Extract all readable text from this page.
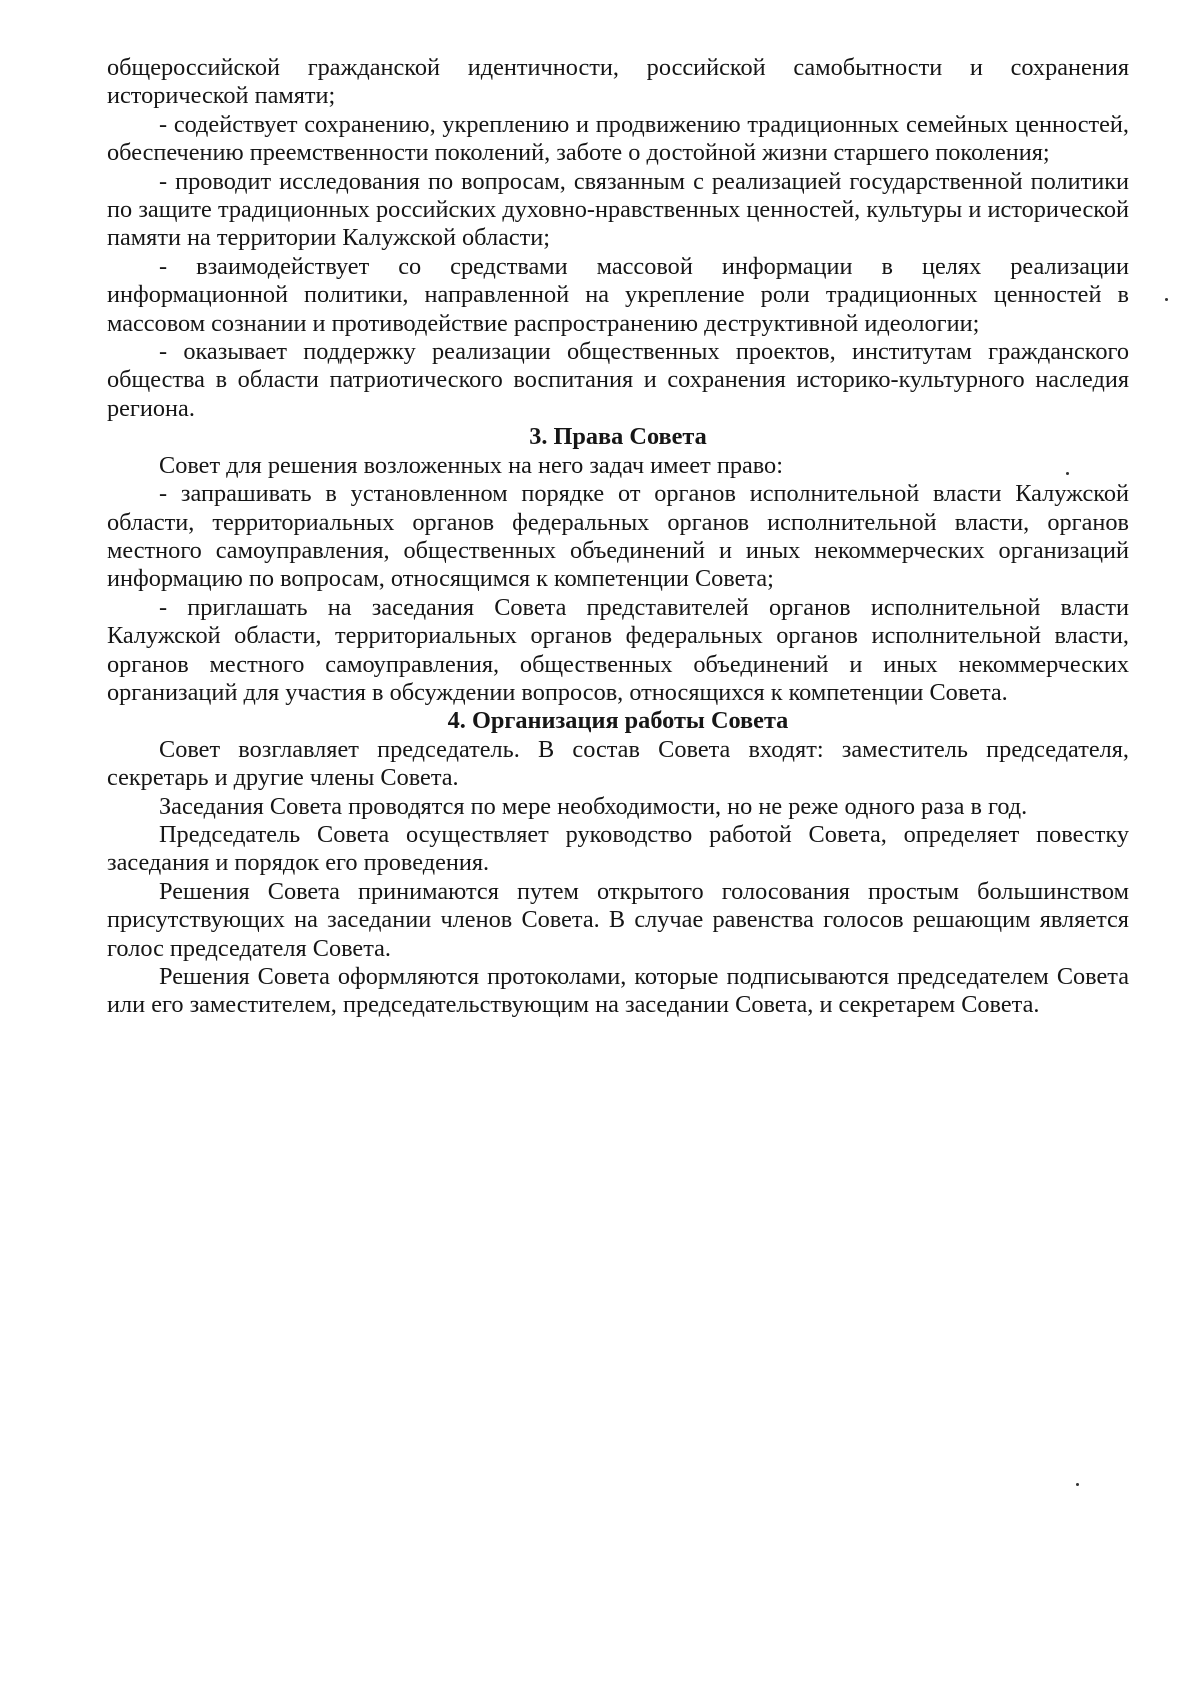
общероссийской гражданской идентичности, российской самобытности и сохранения исторической памяти;

- содействует сохранению, укреплению и продвижению традиционных семейных ценностей, обеспечению преемственности поколений, заботе о достойной жизни старшего поколения;

- проводит исследования по вопросам, связанным с реализацией государственной политики по защите традиционных российских духовно-нравственных ценностей, культуры и исторической памяти на территории Калужской области;

- взаимодействует со средствами массовой информации в целях реализации информационной политики, направленной на укрепление роли традиционных ценностей в массовом сознании и противодействие распространению деструктивной идеологии;

- оказывает поддержку реализации общественных проектов, институтам гражданского общества в области патриотического воспитания и сохранения историко-культурного наследия региона.

3. Права Совета

Совет для решения возложенных на него задач имеет право:

- запрашивать в установленном порядке от органов исполнительной власти Калужской области, территориальных органов федеральных органов исполнительной власти, органов местного самоуправления, общественных объединений и иных некоммерческих организаций информацию по вопросам, относящимся к компетенции Совета;

- приглашать на заседания Совета представителей органов исполнительной власти Калужской области, территориальных органов федеральных органов исполнительной власти, органов местного самоуправления, общественных объединений и иных некоммерческих организаций для участия в обсуждении вопросов, относящихся к компетенции Совета.

4. Организация работы Совета

Совет возглавляет председатель. В состав Совета входят: заместитель председателя, секретарь и другие члены Совета.

Заседания Совета проводятся по мере необходимости, но не реже одного раза в год.

Председатель Совета осуществляет руководство работой Совета, определяет повестку заседания и порядок его проведения.

Решения Совета принимаются путем открытого голосования простым большинством присутствующих на заседании членов Совета. В случае равенства голосов решающим является голос председателя Совета.

Решения Совета оформляются протоколами, которые подписываются председателем Совета или его заместителем, председательствующим на заседании Совета, и секретарем Совета.
